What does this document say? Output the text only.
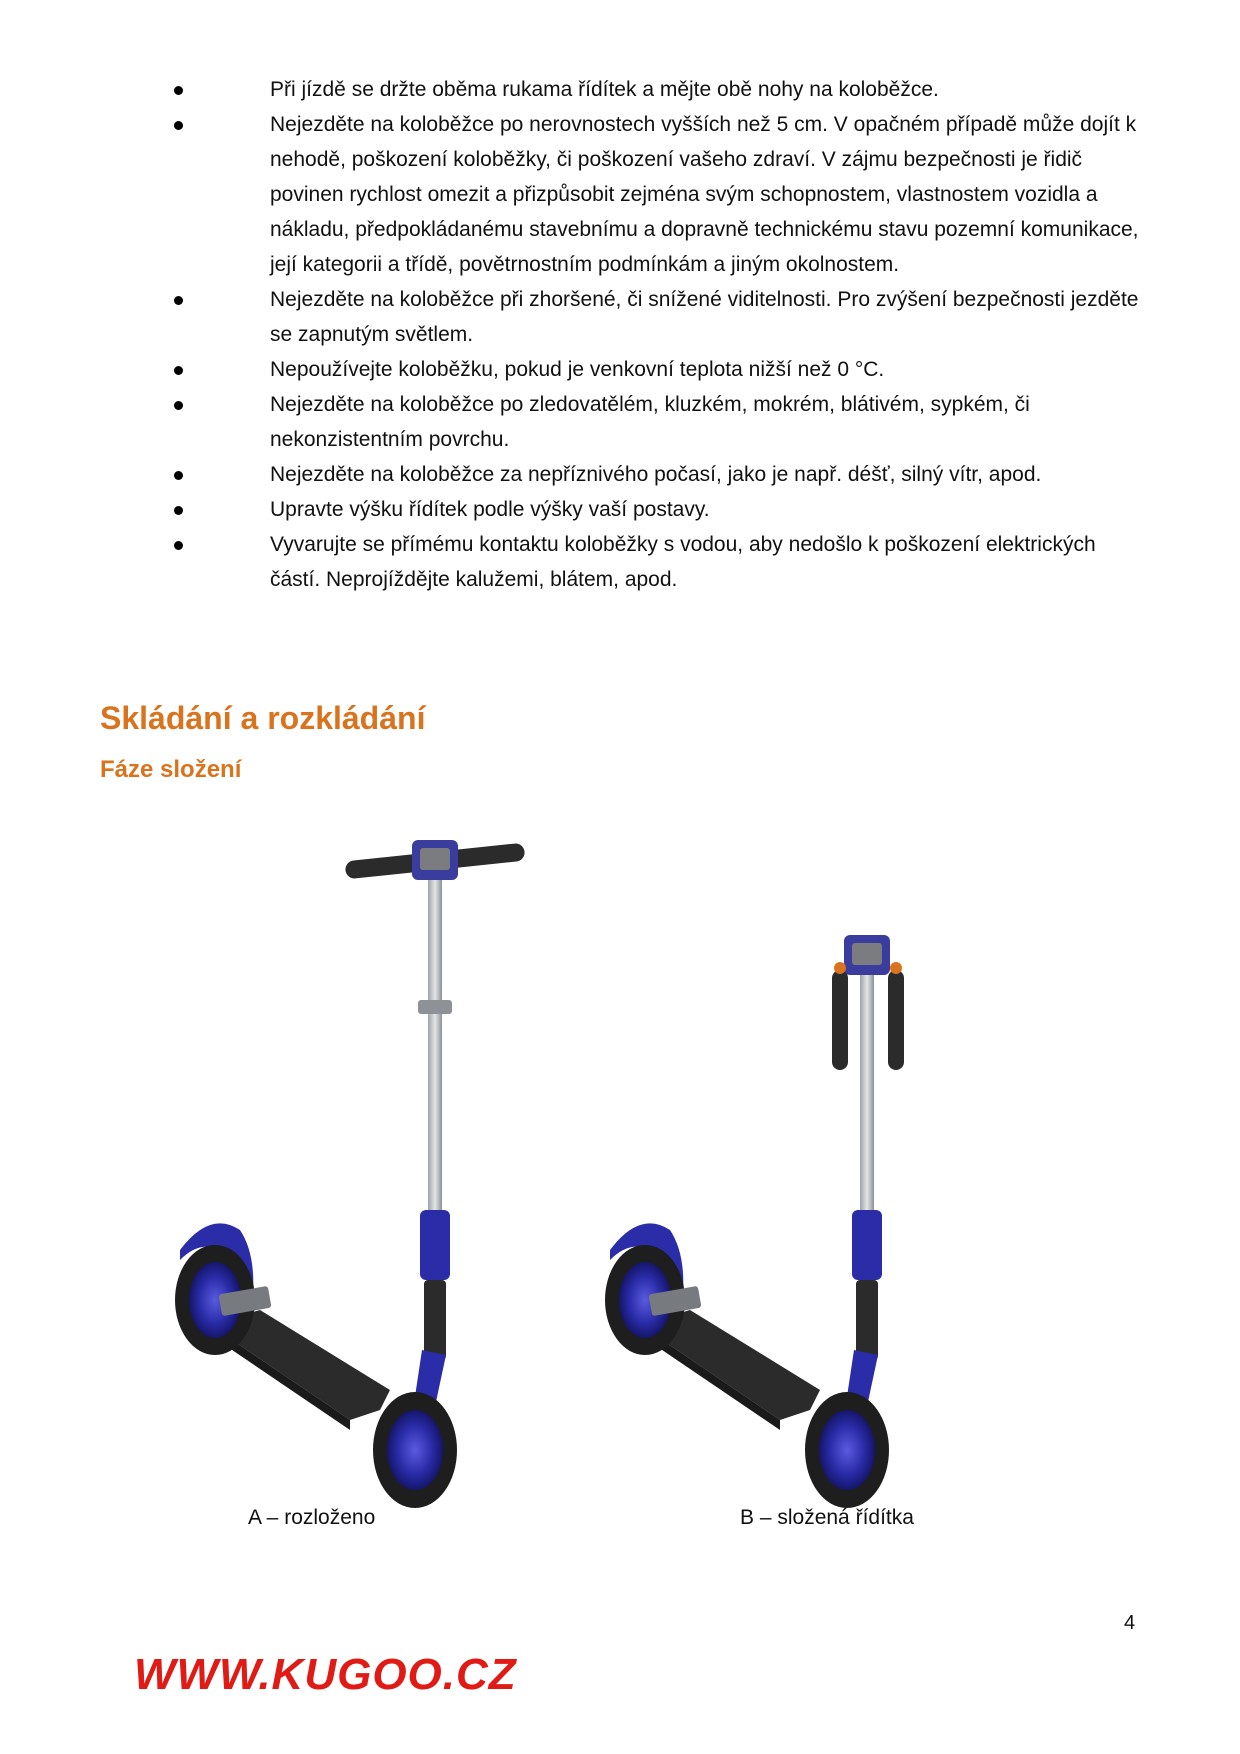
Při jízdě se držte oběma rukama řídítek a mějte obě nohy na koloběžce.
Nejezděte na koloběžce po nerovnostech vyšších než 5 cm. V opačném případě může dojít k nehodě, poškození koloběžky, či poškození vašeho zdraví. V zájmu bezpečnosti je řidič povinen rychlost omezit a přizpůsobit zejména svým schopnostem, vlastnostem vozidla a nákladu, předpokládanému stavebnímu a dopravně technickému stavu pozemní komunikace, její kategorii a třídě, povětrnostním podmínkám a jiným okolnostem.
Nejezděte na koloběžce při zhoršené, či snížené viditelnosti. Pro zvýšení bezpečnosti jezděte se zapnutým světlem.
Nepoužívejte koloběžku, pokud je venkovní teplota nižší než 0 °C.
Nejezděte na koloběžce po zledovatělém, kluzkém, mokrém, blátivém, sypkém, či nekonzistentním povrchu.
Nejezděte na koloběžce za nepříznivého počasí, jako je např. déšť, silný vítr, apod.
Upravte výšku řídítek podle výšky vaší postavy.
Vyvarujte se přímému kontaktu koloběžky s vodou, aby nedošlo k poškození elektrických částí. Neprojíždějte kalužemi, blátem, apod.
Skládání a rozkládání
Fáze složení
A – rozloženo	B – složená řídítka
4
WWW.KUGOO.CZ
